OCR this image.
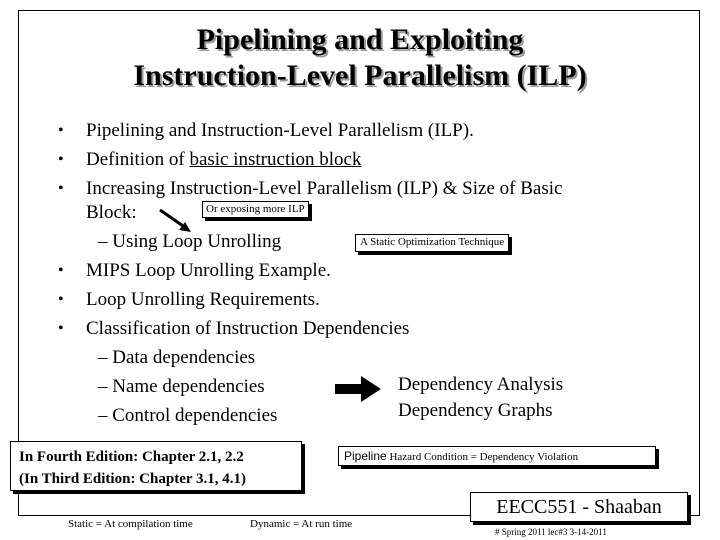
Pipelining and Exploiting
Instruction-Level Parallelism (ILP)
• Pipelining and Instruction-Level Parallelism (ILP).
• Definition of basic instruction block
• Increasing Instruction-Level Parallelism (ILP) & Size of Basic
Block:	Or exposing more ILP
– Using Loop Unrolling	A Static Optimization Technique
• MIPS Loop Unrolling Example.
• Loop Unrolling Requirements.
• Classification of Instruction Dependencies
– Data dependencies
– Name dependencies
– Control dependencies
Dependency Analysis
Dependency Graphs
In Fourth Edition: Chapter 2.1, 2.2
(In Third Edition: Chapter 3.1, 4.1)
Pipeline Hazard Condition = Dependency Violation
Static = At compilation time	Dynamic = At run time
EECC551 - Shaaban
# Spring 2011 lec#3 3-14-2011
